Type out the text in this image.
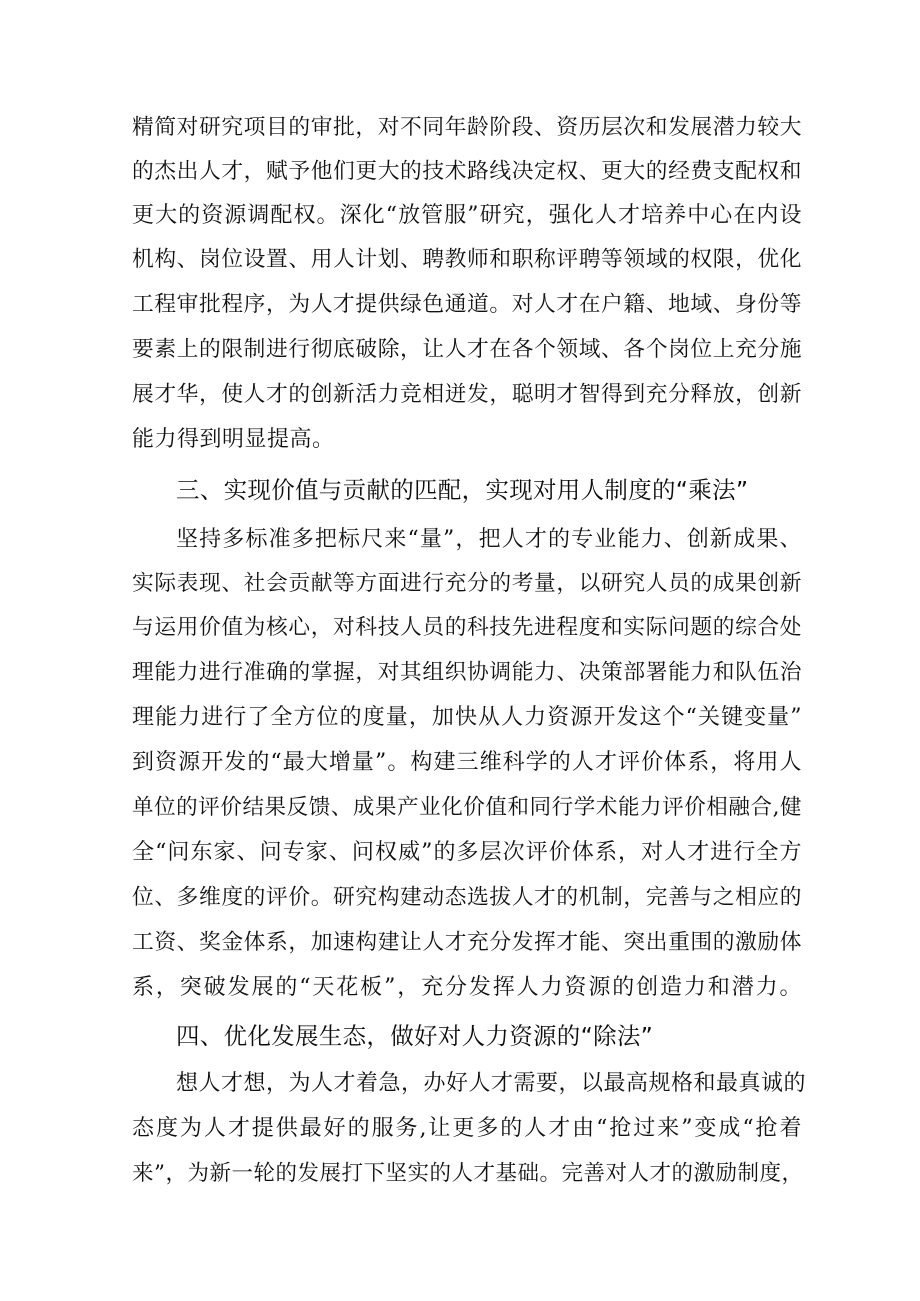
精简对研究项目的审批，对不同年龄阶段、资历层次和发展潜力较大
的杰出人才，赋予他们更大的技术路线决定权、更大的经费支配权和
更大的资源调配权。深化“放管服”研究，强化人才培养中心在内设
机构、岗位设置、用人计划、聘教师和职称评聘等领域的权限，优化
工程审批程序，为人才提供绿色通道。对人才在户籍、地域、身份等
要素上的限制进行彻底破除，让人才在各个领域、各个岗位上充分施
展才华，使人才的创新活力竞相迸发，聪明才智得到充分释放，创新
能力得到明显提高。
三、实现价值与贡献的匹配，实现对用人制度的“乘法”
坚持多标准多把标尺来“量”，把人才的专业能力、创新成果、
实际表现、社会贡献等方面进行充分的考量，以研究人员的成果创新
与运用价值为核心，对科技人员的科技先进程度和实际问题的综合处
理能力进行准确的掌握，对其组织协调能力、决策部署能力和队伍治
理能力进行了全方位的度量，加快从人力资源开发这个“关键变量”
到资源开发的“最大增量”。构建三维科学的人才评价体系，将用人
单位的评价结果反馈、成果产业化价值和同行学术能力评价相融合,健
全“问东家、问专家、问权威”的多层次评价体系，对人才进行全方
位、多维度的评价。研究构建动态选拔人才的机制，完善与之相应的
工资、奖金体系，加速构建让人才充分发挥才能、突出重围的激励体
系，突破发展的“天花板”，充分发挥人力资源的创造力和潜力。
四、优化发展生态，做好对人力资源的“除法”
想人才想，为人才着急，办好人才需要，以最高规格和最真诚的
态度为人才提供最好的服务,让更多的人才由“抢过来”变成“抢着
来”，为新一轮的发展打下坚实的人才基础。完善对人才的激励制度，
